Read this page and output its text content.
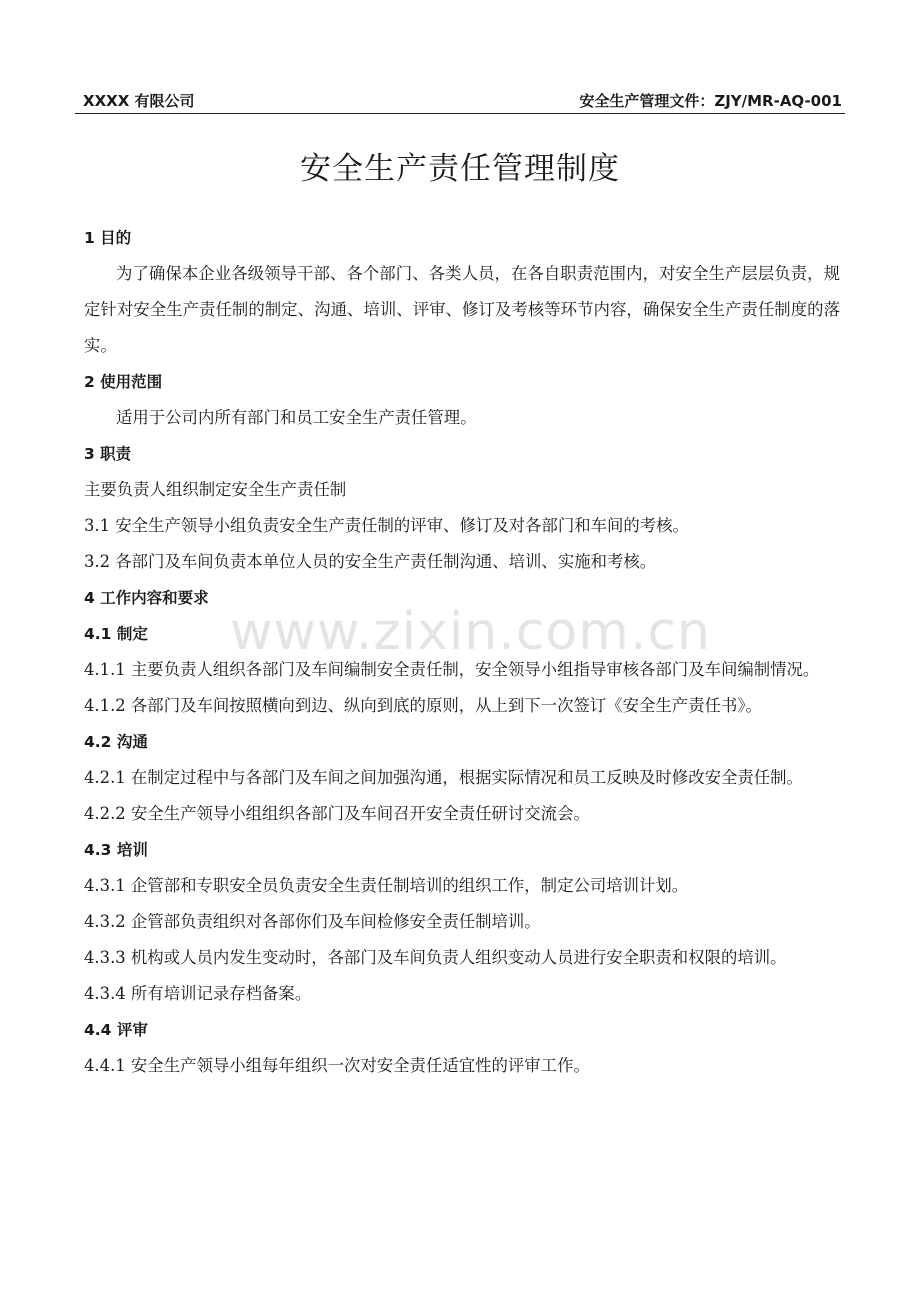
XXXX 有限公司	安全生产管理文件：ZJY/MR-AQ-001
安全生产责任管理制度
www.zixin.com.cn

1 目的

为了确保本企业各级领导干部、各个部门、各类人员，在各自职责范围内，对安全生产层层负责，规定针对安全生产责任制的制定、沟通、培训、评审、修订及考核等环节内容，确保安全生产责任制度的落实。

2 使用范围

适用于公司内所有部门和员工安全生产责任管理。

3 职责

主要负责人组织制定安全生产责任制

3.1 安全生产领导小组负责安全生产责任制的评审、修订及对各部门和车间的考核。

3.2 各部门及车间负责本单位人员的安全生产责任制沟通、培训、实施和考核。

4 工作内容和要求

4.1 制定

4.1.1 主要负责人组织各部门及车间编制安全责任制，安全领导小组指导审核各部门及车间编制情况。

4.1.2 各部门及车间按照横向到边、纵向到底的原则，从上到下一次签订《安全生产责任书》。

4.2 沟通

4.2.1 在制定过程中与各部门及车间之间加强沟通，根据实际情况和员工反映及时修改安全责任制。

4.2.2 安全生产领导小组组织各部门及车间召开安全责任研讨交流会。

4.3 培训

4.3.1 企管部和专职安全员负责安全生责任制培训的组织工作，制定公司培训计划。

4.3.2 企管部负责组织对各部你们及车间检修安全责任制培训。

4.3.3 机构或人员内发生变动时，各部门及车间负责人组织变动人员进行安全职责和权限的培训。

4.3.4 所有培训记录存档备案。

4.4 评审

4.4.1 安全生产领导小组每年组织一次对安全责任适宜性的评审工作。
